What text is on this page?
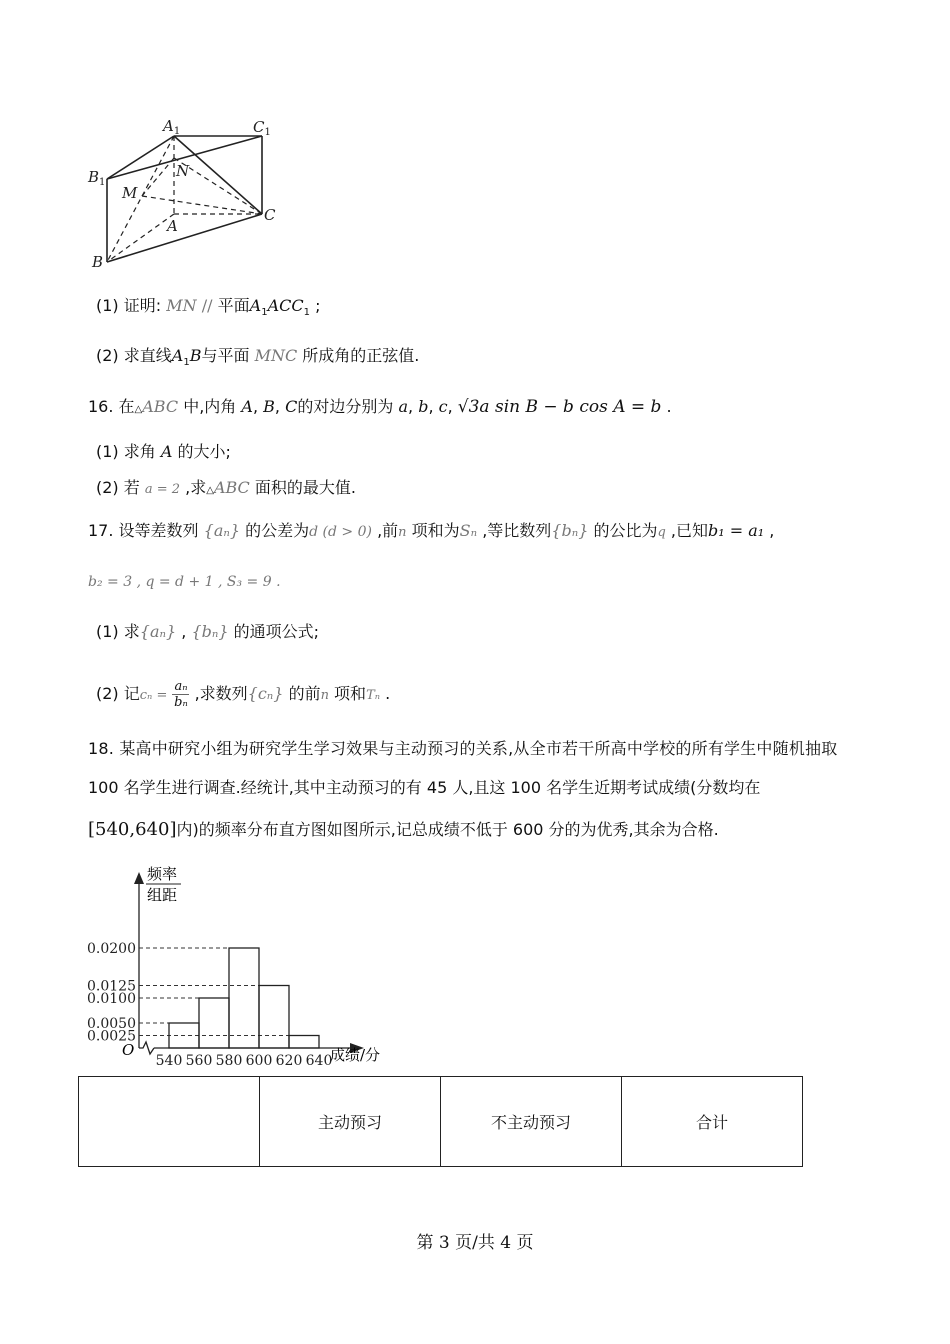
$A_1$	$C_1$
$B_1$
N
M
A
C
B
(1) 证明: MN // 平面$A_1ACC_1$ ;
(2) 求直线$A_1B$与平面 MNC 所成角的正弦值.
16. 在△ABC 中,内角 A, B, C的对边分别为 a, b, c, √3a sin B − b cos A = b .
(1) 求角 A 的大小;
(2) 若 a = 2 ,求△ABC 面积的最大值.
17. 设等差数列 {aₙ} 的公差为d (d > 0) ,前n 项和为Sₙ ,等比数列{bₙ} 的公比为q ,已知b₁ = a₁ ,
b₂ = 3 , q = d + 1 , S₃ = 9 .
(1) 求{aₙ} , {bₙ} 的通项公式;
(2) 记$c_n = \frac{\text{aₙ}}{\text{bₙ}}$ ,求数列{cₙ} 的前n 项和Tₙ .
18. 某高中研究小组为研究学生学习效果与主动预习的关系,从全市若干所高中学校的所有学生中随机抽取
100 名学生进行调查.经统计,其中主动预习的有 45 人,且这 100 名学生近期考试成绩(分数均在
[540,640]内)的频率分布直方图如图所示,记总成绩不低于 600 分的为优秀,其余为合格.
0.0200
0.0125
0.0100
0.0050
0.0025
540 560 580 600 620 640
频率
组距
O	成绩/分
	主动预习	不主动预习	合计
第 3 页/共 4 页
